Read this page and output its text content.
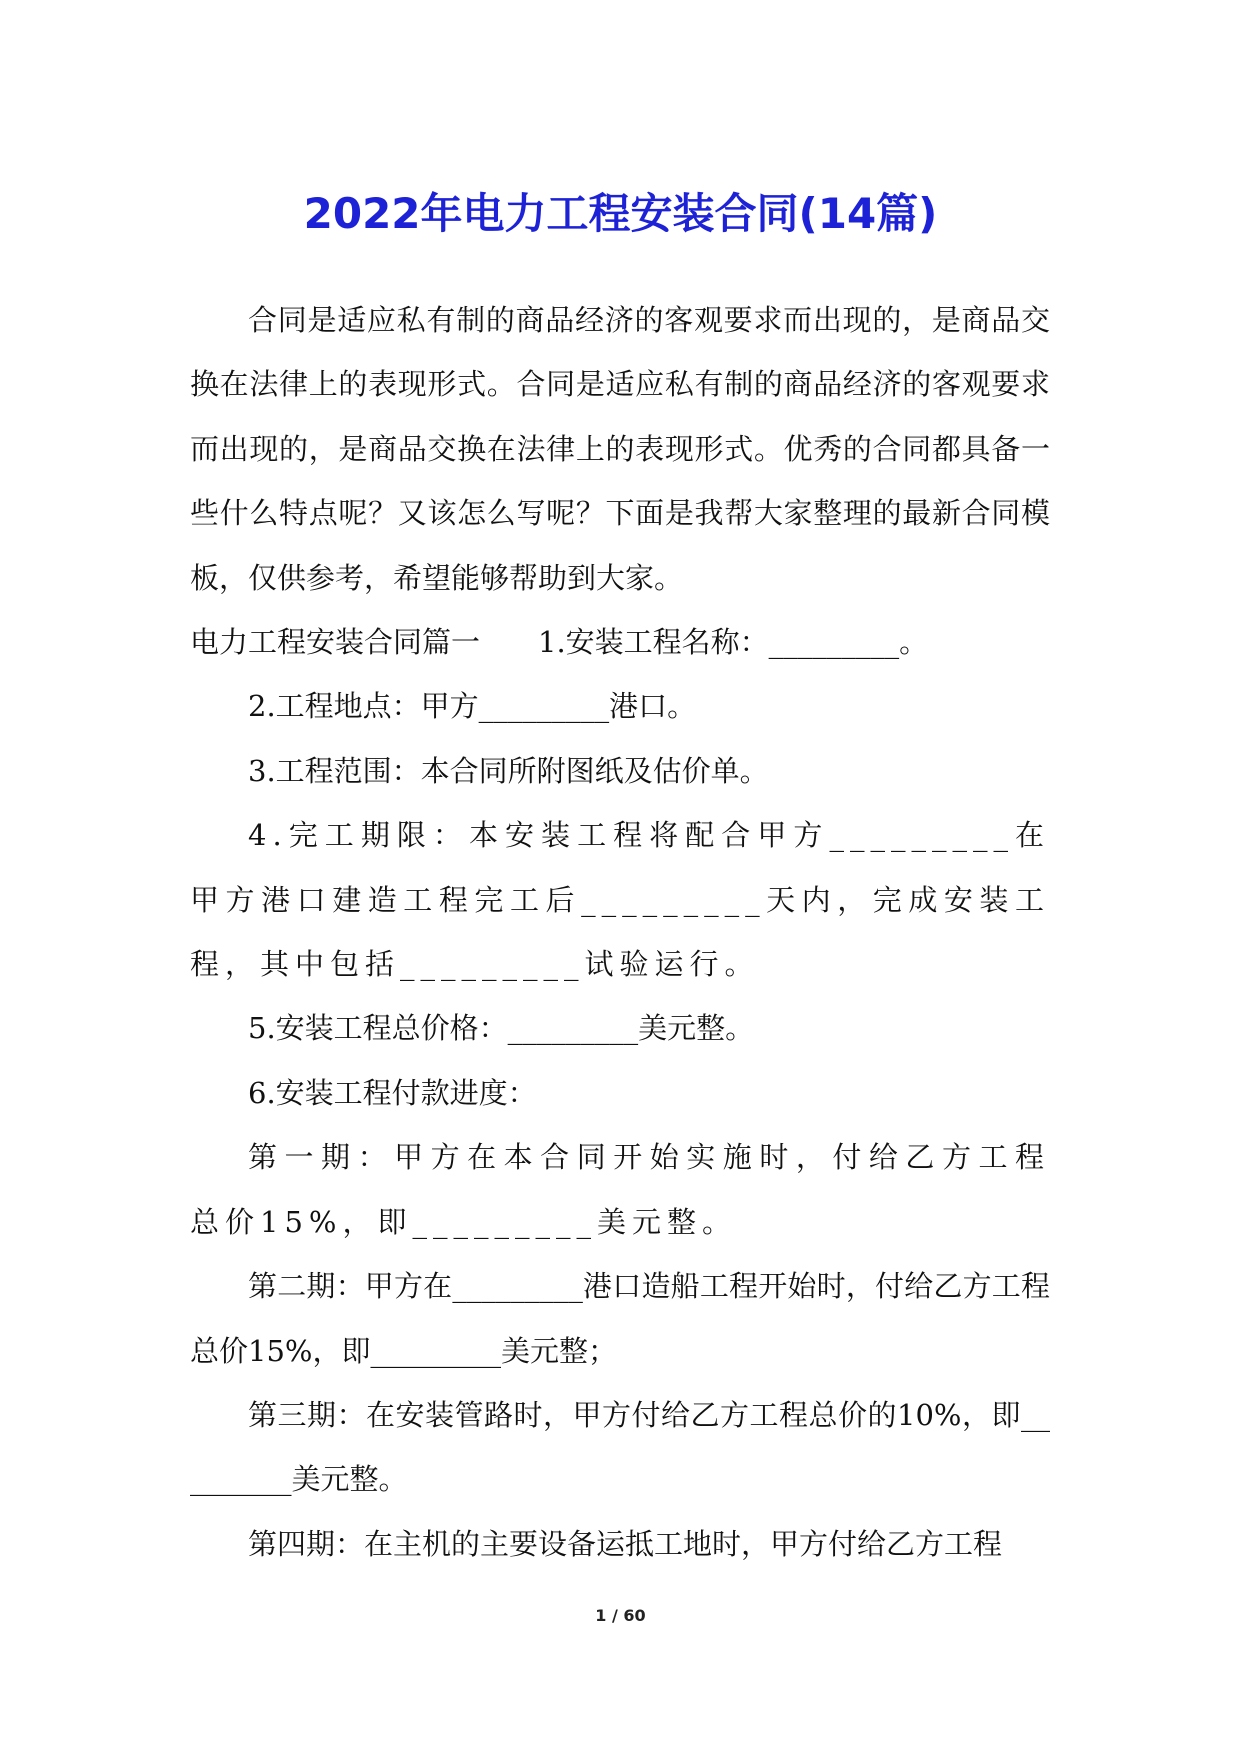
2022年电力工程安装合同(14篇)

合同是适应私有制的商品经济的客观要求而出现的，是商品交换在法律上的表现形式。合同是适应私有制的商品经济的客观要求而出现的，是商品交换在法律上的表现形式。优秀的合同都具备一些什么特点呢？又该怎么写呢？下面是我帮大家整理的最新合同模板，仅供参考，希望能够帮助到大家。

电力工程安装合同篇一　　1.安装工程名称：_________。

2.工程地点：甲方_________港口。

3.工程范围：本合同所附图纸及估价单。

4.完工期限：本安装工程将配合甲方_________在甲方港口建造工程完工后_________天内，完成安装工程，其中包括_________试验运行。

5.安装工程总价格：_________美元整。

6.安装工程付款进度：

第一期：甲方在本合同开始实施时，付给乙方工程总价15%，即_________美元整。

第二期：甲方在_________港口造船工程开始时，付给乙方工程总价15%，即_________美元整；

第三期：在安装管路时，甲方付给乙方工程总价的10%，即_________美元整。

第四期：在主机的主要设备运抵工地时，甲方付给乙方工程

1 / 60
